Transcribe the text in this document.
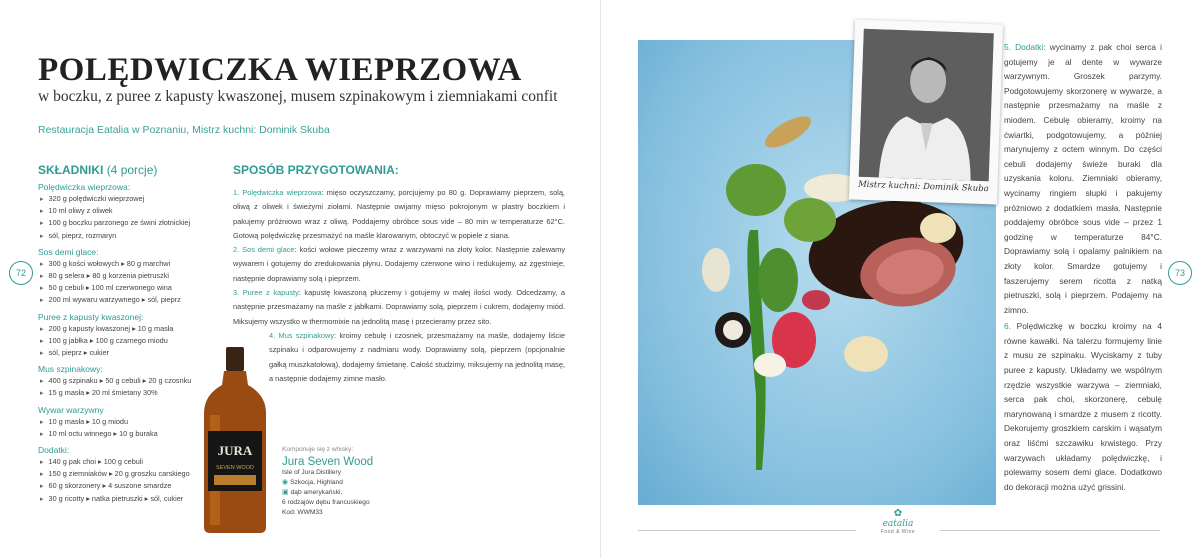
POLĘDWICZKA WIEPRZOWA
w boczku, z puree z kapusty kwaszonej, musem szpinakowym i ziemniakami confit
Restauracja Eatalia w Poznaniu, Mistrz kuchni: Dominik Skuba
SKŁADNIKI (4 porcje)
Polędwiczka wieprzowa:
▸ 320 g polędwiczki wieprzowej
▸ 10 ml oliwy z oliwek
▸ 100 g boczku parzonego ze świni złotnickiej
▸ sól, pieprz, rozmaryn
Sos demi glace:
▸ 300 g kości wołowych ▸ 80 g marchwi
▸ 80 g selera ▸ 80 g korzenia pietruszki
▸ 50 g cebuli ▸ 100 ml czerwonego wina
▸ 200 ml wywaru warzywnego ▸ sól, pieprz
Puree z kapusty kwaszonej:
▸ 200 g kapusty kwaszonej ▸ 10 g masła
▸ 100 g jabłka ▸ 100 g czarnego miodu
▸ sól, pieprz ▸ cukier
Mus szpinakowy:
▸ 400 g szpinaku ▸ 50 g cebuli ▸ 20 g czosnku
▸ 15 g masła ▸ 20 ml śmietany 30%
Wywar warzywny
▸ 10 g masła ▸ 10 g miodu
▸ 10 ml octu winnego ▸ 10 g buraka
Dodatki:
▸ 140 g pak choi ▸ 100 g cebuli
▸ 150 g ziemniaków ▸ 20 g groszku carskiego
▸ 60 g skorzonery ▸ 4 suszone smardze
▸ 30 g ricotty ▸ natka pietruszki ▸ sól, cukier
SPOSÓB PRZYGOTOWANIA:
1. Polędwiczka wieprzowa: mięso oczyszczamy, porcjujemy po 80 g. Doprawiamy pieprzem, solą, oliwą z oliwek i świeżymi ziołami. Następnie owijamy mięso pokrojonym w plastry boczkiem i pakujemy próżniowo wraz z oliwą. Poddajemy obróbce sous vide – 80 min w temperaturze 62°C. Gotową polędwiczkę przesmażyć na maśle klarowanym, obtoczyć w popiele z siana.
2. Sos demi glace: kości wołowe pieczemy wraz z warzywami na złoty kolor. Następnie zalewamy wywarem i gotujemy do zredukowania płynu. Dodajemy czerwone wino i redukujemy, aż zgęstnieje, następnie doprawiamy solą i pieprzem.
3. Puree z kapusty: kapustę kwaszoną płuczemy i gotujemy w małej ilości wody. Odcedzamy, a następnie przesmażamy na maśle z jabłkami. Doprawiamy solą, pieprzem i cukrem, dodajemy miód. Miksujemy wszystko w thermomixie na jednolitą masę i przecieramy przez sito.
4. Mus szpinakowy: kroimy cebulę i czosnek, przesmażamy na maśle, dodajemy liście szpinaku i odparowujemy z nadmiaru wody. Doprawiamy solą, pieprzem (opcjonalnie gałką muszkatołową), dodajemy śmietanę. Całość studzimy, miksujemy na jednolitą masę, a następnie dodajemy zimne masło.
72	73
JURA
SEVEN WOOD
Komponuje się z whisky:
Jura Seven Wood
Isle of Jura Distillery
◉ Szkocja, Highland
▣ dąb amerykański,
6 rodzajów dębu francuskiego
Kod: WWM33
Mistrz kuchni: Dominik Skuba

5. Dodatki: wycinamy z pak choi serca i gotujemy je al dente w wywarze warzywnym. Groszek parzymy. Podgotowujemy skorzonerę w wywarze, a następnie przesmażamy na maśle z miodem. Cebulę obieramy, kroimy na ćwiartki, podgotowujemy, a później marynujemy z octem winnym. Do części cebuli dodajemy świeże buraki dla uzyskania koloru. Ziemniaki obieramy, wycinamy ringiem słupki i pakujemy próżniowo z dodatkiem masła. Następnie poddajemy obróbce sous vide – przez 1 godzinę w temperaturze 84°C. Doprawiamy solą i opalamy palnikiem na złoty kolor. Smardze gotujemy i faszerujemy serem ricotta z natką pietruszki, solą i pieprzem. Podajemy na zimno.

6. Polędwiczkę w boczku kroimy na 4 równe kawałki. Na talerzu formujemy linie z musu ze szpinaku. Wyciskamy z tuby puree z kapusty. Układamy we wspólnym rzędzie wszystkie warzywa – ziemniaki, serca pak choi, skorzonerę, cebulę marynowaną i smardze z musem z ricotty. Dekorujemy groszkiem carskim i wąsatym oraz liśćmi szczawiku krwistego. Przy warzywach układamy polędwiczkę, i polewamy sosem demi glace. Dodatkowo do dekoracji można użyć grissini.

✿
eatalia
Food & Wine
